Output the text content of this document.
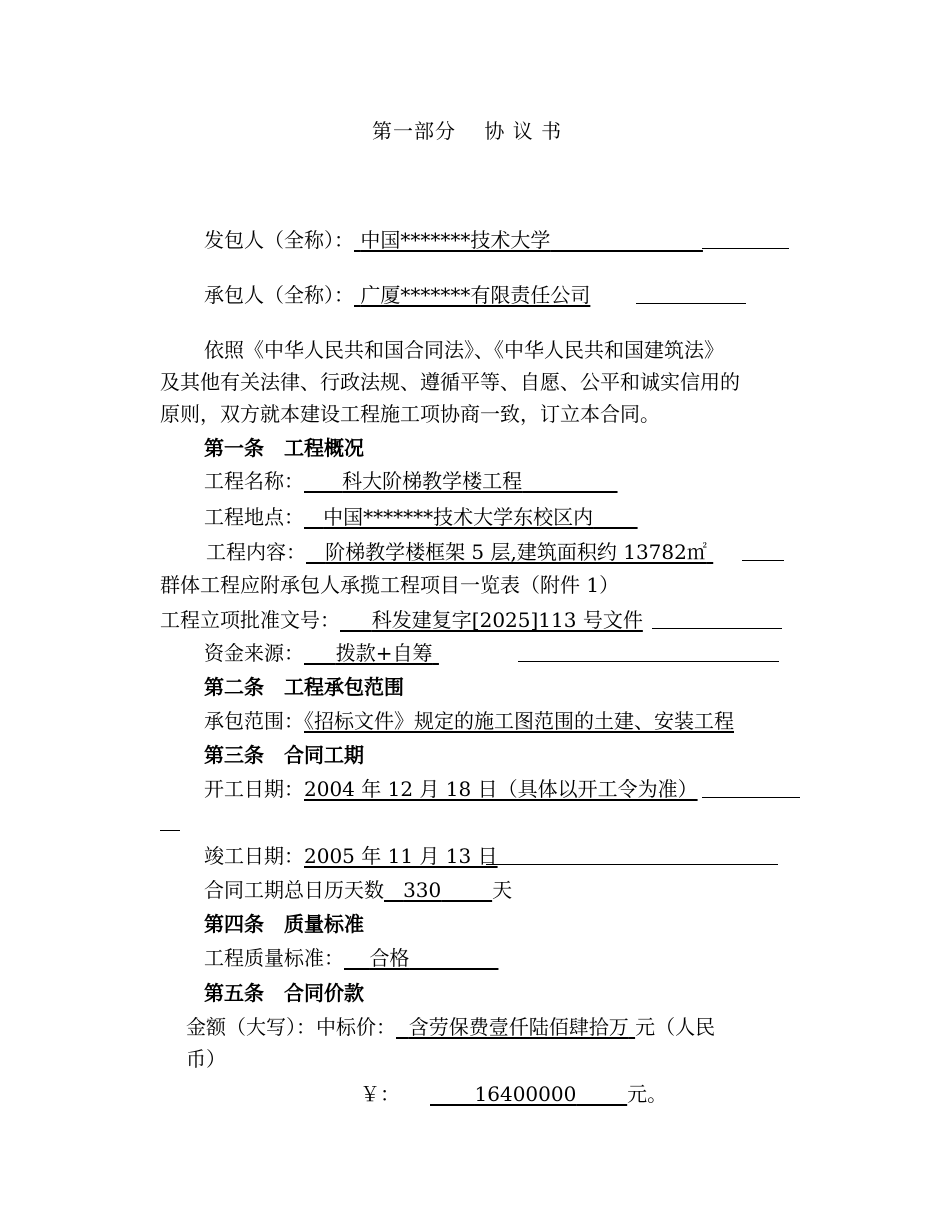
第一部分　 协 议 书
发包人（全称）： 中国*******技术大学
承包人（全称）： 广厦*******有限责任公司
依照《中华人民共和国合同法》、《中华人民共和国建筑法》
及其他有关法律、行政法规、遵循平等、自愿、公平和诚实信用的
原则，双方就本建设工程施工项协商一致，订立本合同。
第一条　工程概况
工程名称： 科大阶梯教学楼工程
工程地点： 中国*******技术大学东校区内
工程内容： 阶梯教学楼框架 5 层,建筑面积约 13782㎡
群体工程应附承包人承揽工程项目一览表（附件 1）
工程立项批准文号： 科发建复字[2025]113 号文件
资金来源： 拨款+自筹
第二条　工程承包范围
承包范围：《招标文件》规定的施工图范围的土建、安装工程
第三条　合同工期
开工日期：2004 年 12 月 18 日（具体以开工令为准）
竣工日期：2005 年 11 月 13 日
合同工期总日历天数 330	天
第四条　质量标准
工程质量标准： 合格
第五条　合同价款
金额（大写）：中标价： 含劳保费壹仟陆佰肆拾万 元（人民
币）
￥：	16400000	元。
